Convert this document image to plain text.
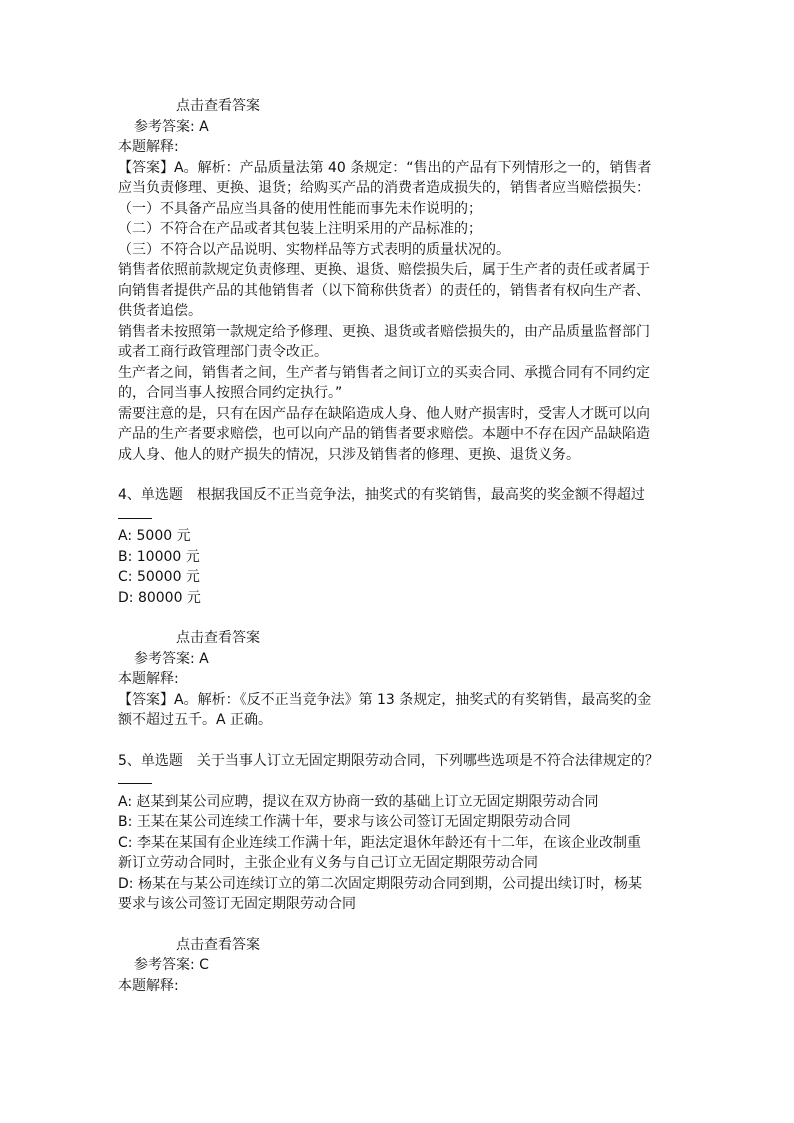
点击查看答案
参考答案: A
本题解释:
【答案】A。解析：产品质量法第 40 条规定：“售出的产品有下列情形之一的，销售者
应当负责修理、更换、退货；给购买产品的消费者造成损失的，销售者应当赔偿损失：
（一）不具备产品应当具备的使用性能而事先未作说明的；
（二）不符合在产品或者其包装上注明采用的产品标准的；
（三）不符合以产品说明、实物样品等方式表明的质量状况的。
销售者依照前款规定负责修理、更换、退货、赔偿损失后，属于生产者的责任或者属于
向销售者提供产品的其他销售者（以下简称供货者）的责任的，销售者有权向生产者、
供货者追偿。
销售者未按照第一款规定给予修理、更换、退货或者赔偿损失的，由产品质量监督部门
或者工商行政管理部门责令改正。
生产者之间，销售者之间，生产者与销售者之间订立的买卖合同、承揽合同有不同约定
的，合同当事人按照合同约定执行。”
需要注意的是，只有在因产品存在缺陷造成人身、他人财产损害时，受害人才既可以向
产品的生产者要求赔偿，也可以向产品的销售者要求赔偿。本题中不存在因产品缺陷造
成人身、他人的财产损失的情况，只涉及销售者的修理、更换、退货义务。
4、单选题　根据我国反不正当竞争法，抽奖式的有奖销售，最高奖的奖金额不得超过
A: 5000 元
B: 10000 元
C: 50000 元
D: 80000 元
点击查看答案
参考答案: A
本题解释:
【答案】A。解析：《反不正当竞争法》第 13 条规定，抽奖式的有奖销售，最高奖的金
额不超过五千。A 正确。
5、单选题　关于当事人订立无固定期限劳动合同，下列哪些选项是不符合法律规定的？
A: 赵某到某公司应聘，提议在双方协商一致的基础上订立无固定期限劳动合同
B: 王某在某公司连续工作满十年，要求与该公司签订无固定期限劳动合同
C: 李某在某国有企业连续工作满十年，距法定退休年龄还有十二年，在该企业改制重
新订立劳动合同时，主张企业有义务与自己订立无固定期限劳动合同
D: 杨某在与某公司连续订立的第二次固定期限劳动合同到期，公司提出续订时，杨某
要求与该公司签订无固定期限劳动合同
点击查看答案
参考答案: C
本题解释:
